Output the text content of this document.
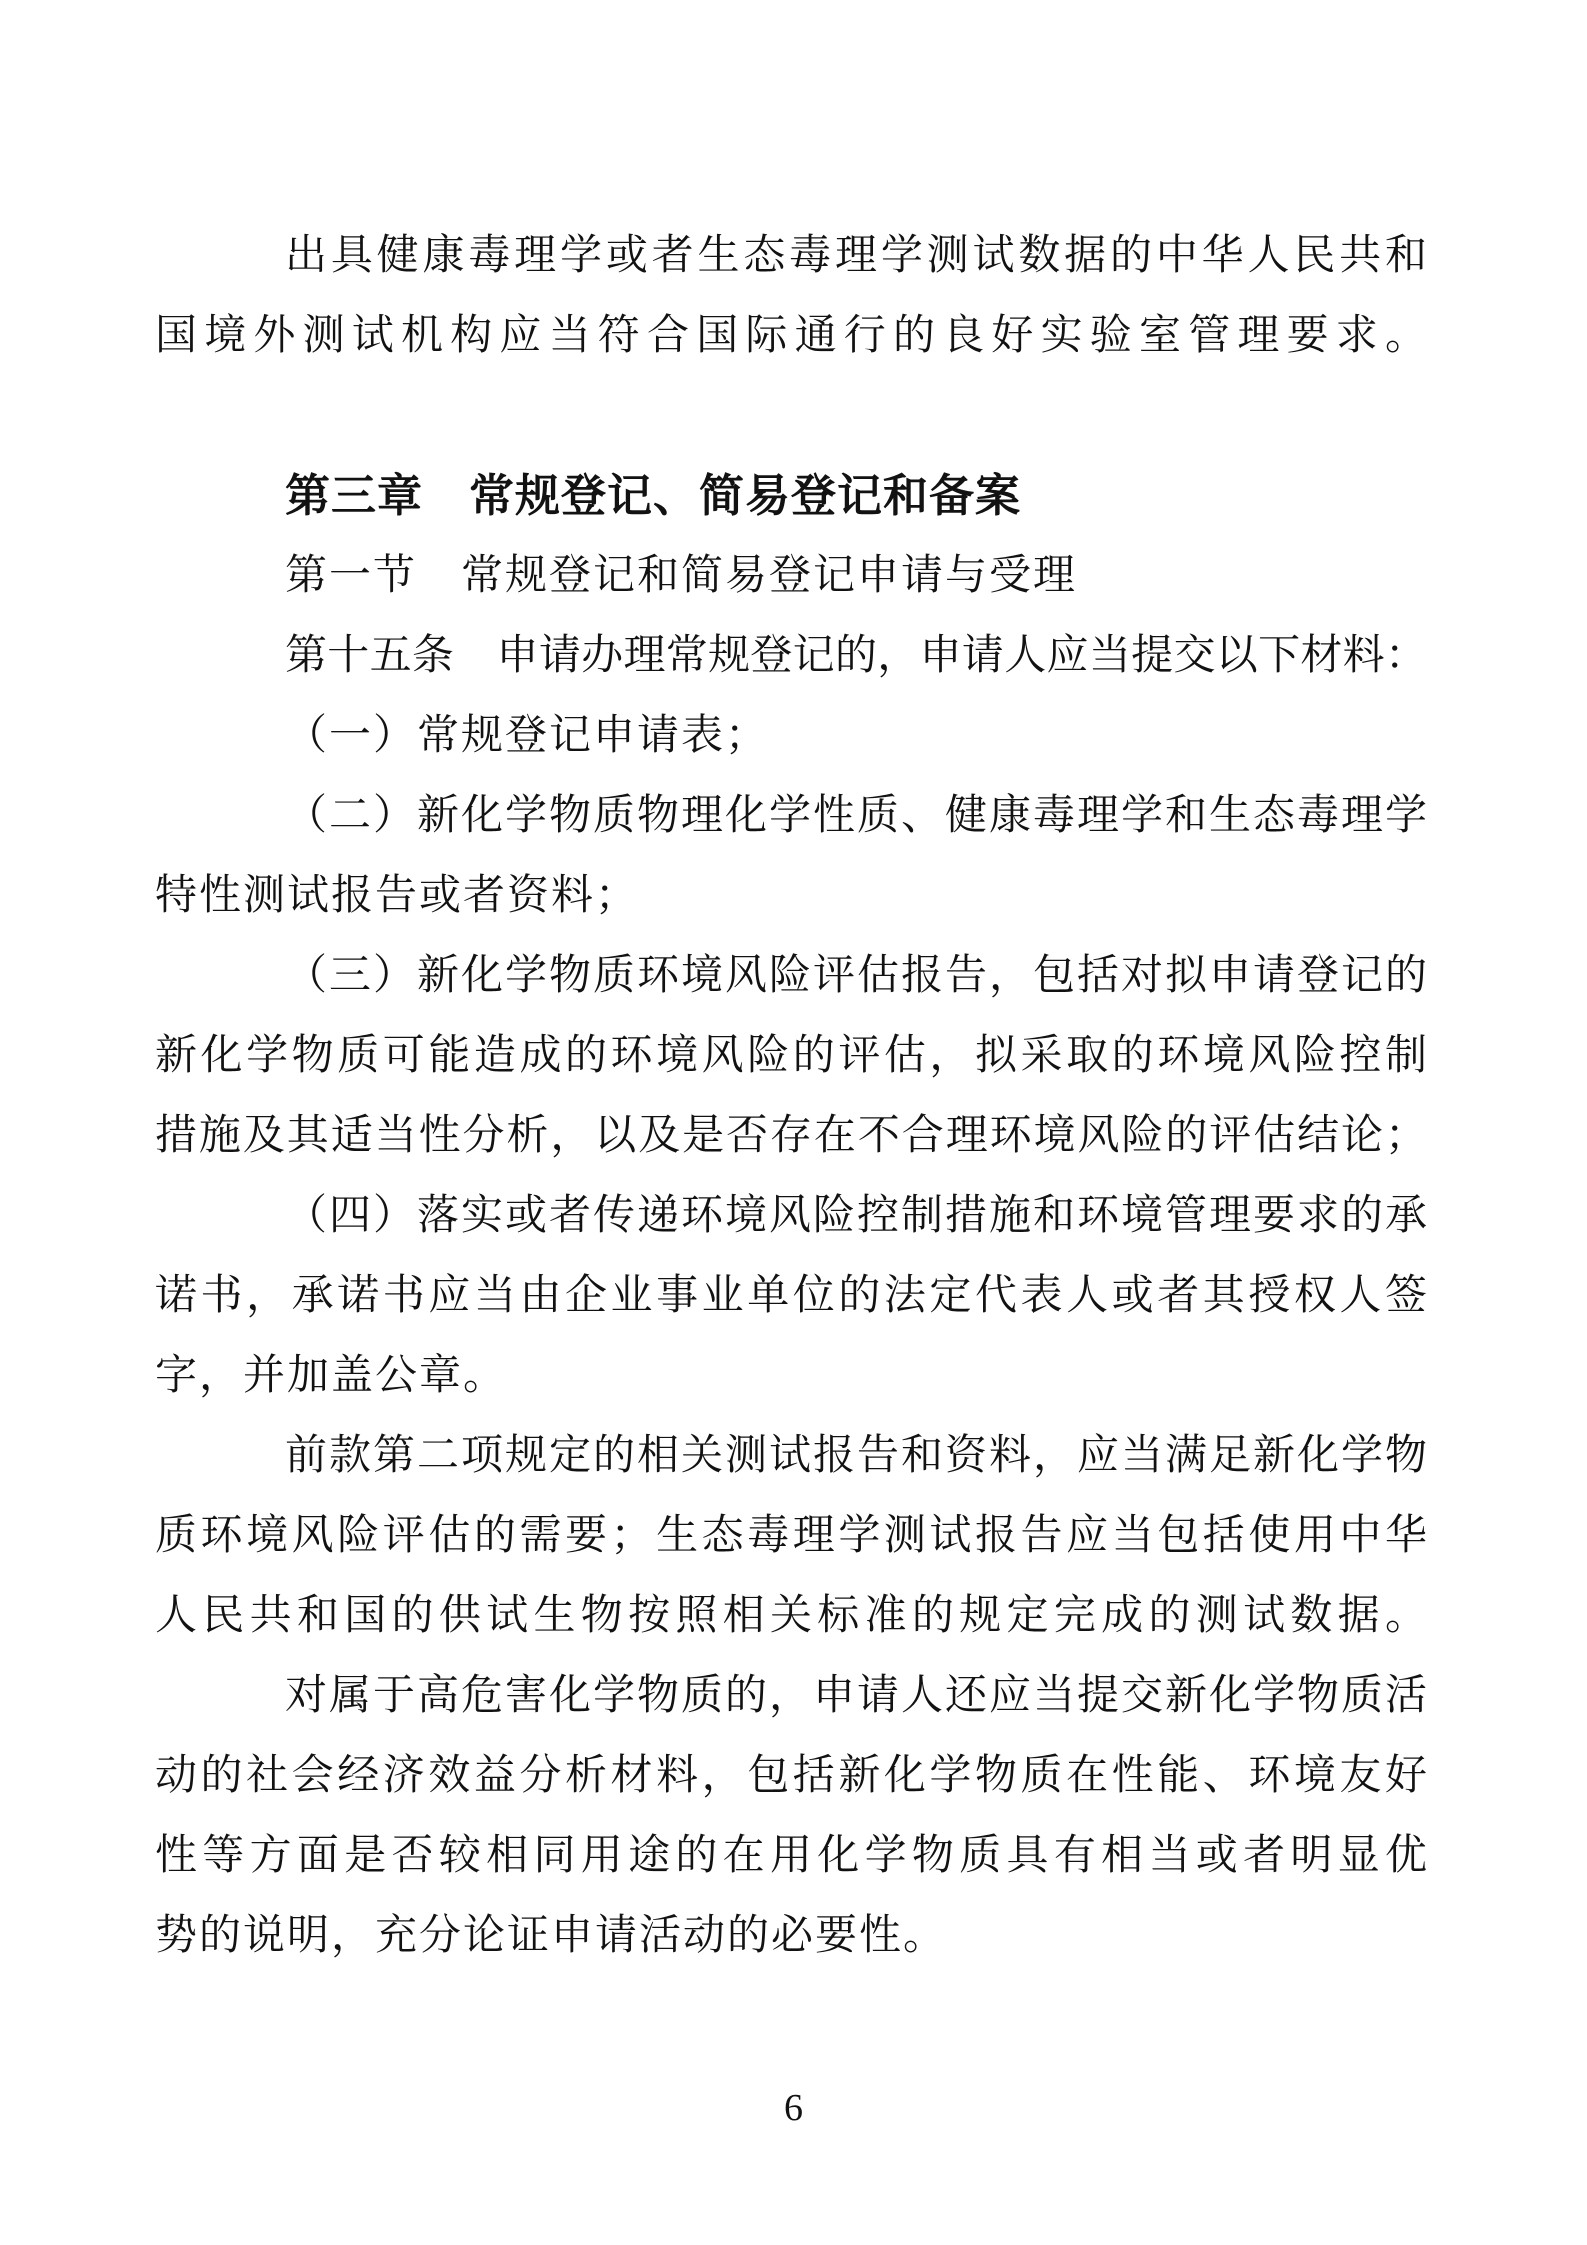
出具健康毒理学或者生态毒理学测试数据的中华人民共和
国境外测试机构应当符合国际通行的良好实验室管理要求。
第三章　常规登记、简易登记和备案
第一节　常规登记和简易登记申请与受理
第十五条　申请办理常规登记的，申请人应当提交以下材料：
（一）常规登记申请表；
（二）新化学物质物理化学性质、健康毒理学和生态毒理学
特性测试报告或者资料；
（三）新化学物质环境风险评估报告，包括对拟申请登记的
新化学物质可能造成的环境风险的评估，拟采取的环境风险控制
措施及其适当性分析，以及是否存在不合理环境风险的评估结论；
（四）落实或者传递环境风险控制措施和环境管理要求的承
诺书，承诺书应当由企业事业单位的法定代表人或者其授权人签
字，并加盖公章。
前款第二项规定的相关测试报告和资料，应当满足新化学物
质环境风险评估的需要；生态毒理学测试报告应当包括使用中华
人民共和国的供试生物按照相关标准的规定完成的测试数据。
对属于高危害化学物质的，申请人还应当提交新化学物质活
动的社会经济效益分析材料，包括新化学物质在性能、环境友好
性等方面是否较相同用途的在用化学物质具有相当或者明显优
势的说明，充分论证申请活动的必要性。
6
